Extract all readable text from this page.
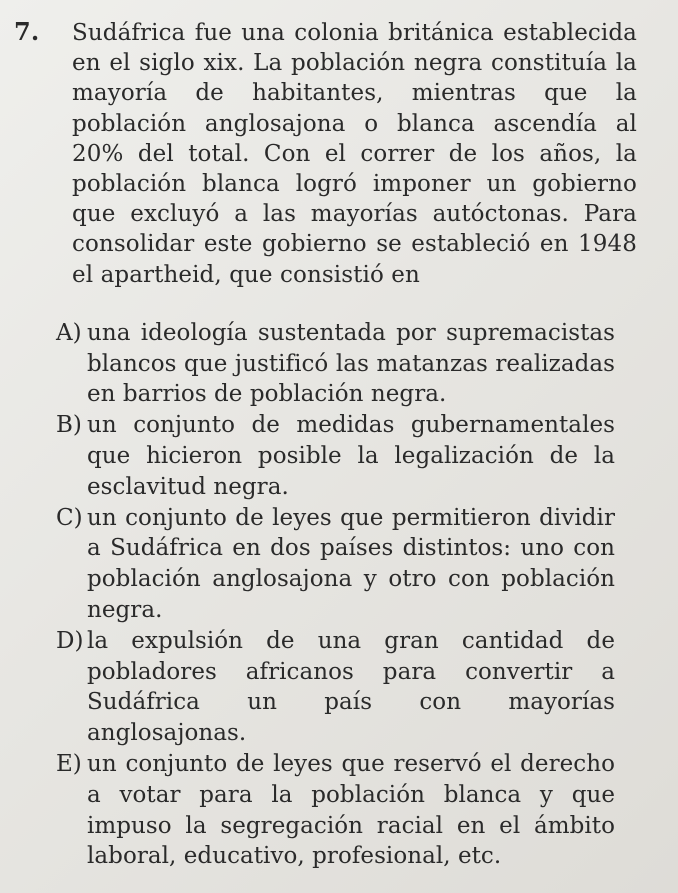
7.	Sudáfrica fue una colonia británica establecida en el siglo xix. La población negra constituía la mayoría de habitantes, mientras que la población anglosajona o blanca ascendía al 20% del total. Con el correr de los años, la población blanca logró imponer un gobierno que excluyó a las mayorías autóctonas. Para consolidar este gobierno se estableció en 1948 el apartheid, que consistió en
A) una ideología sustentada por supremacistas blancos que justificó las matanzas realizadas en barrios de población negra.
B) un conjunto de medidas gubernamentales que hicieron posible la legalización de la esclavitud negra.
C) un conjunto de leyes que permitieron dividir a Sudáfrica en dos países distintos: uno con población anglosajona y otro con población negra.
D) la expulsión de una gran cantidad de pobladores africanos para convertir a Sudáfrica un país con mayorías anglosajonas.
E) un conjunto de leyes que reservó el derecho a votar para la población blanca y que impuso la segregación racial en el ámbito laboral, educativo, profesional, etc.
